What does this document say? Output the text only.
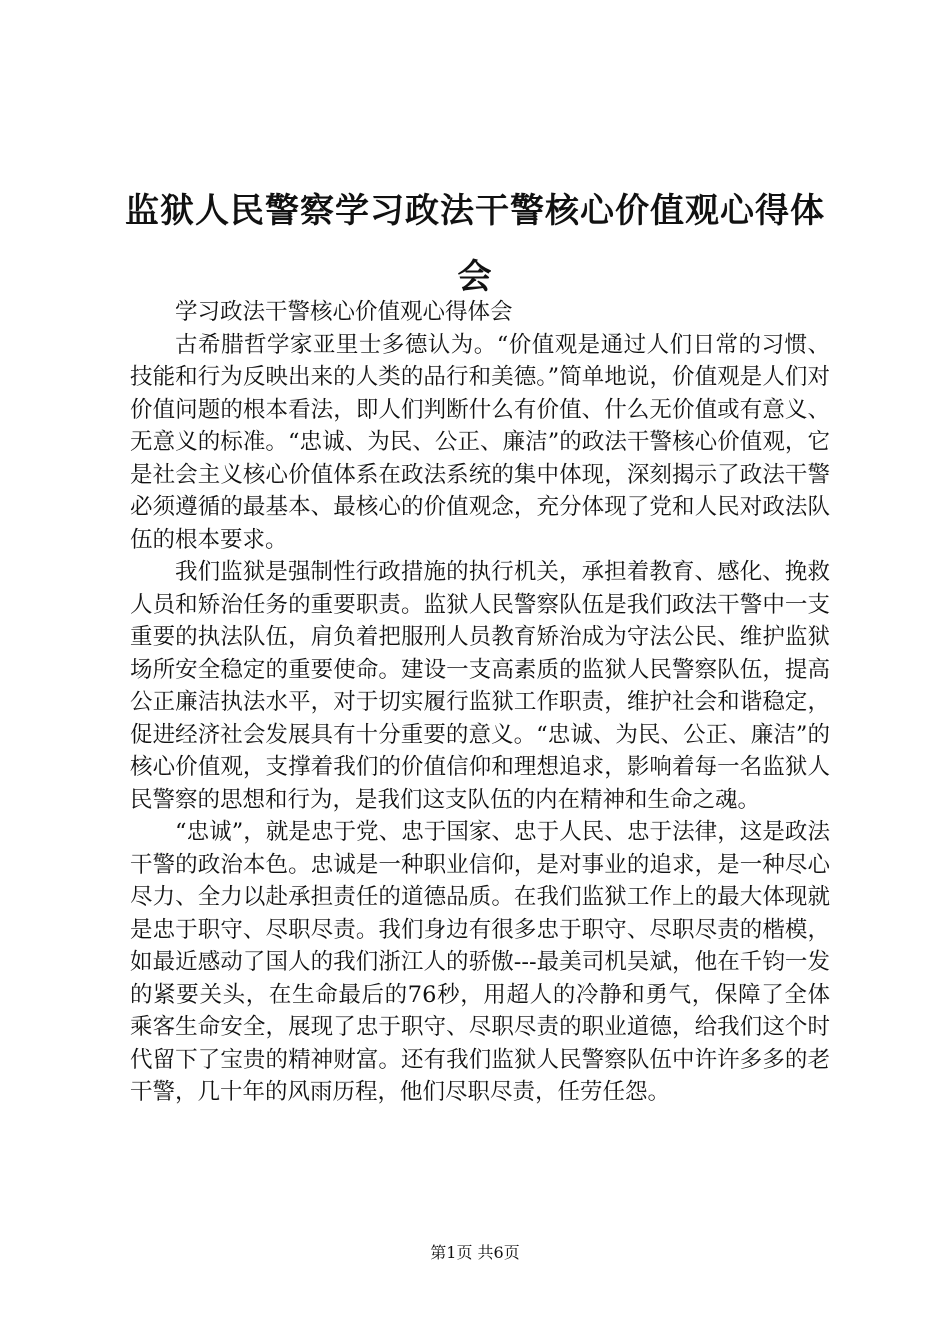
监狱人民警察学习政法干警核心价值观心得体会

学习政法干警核心价值观心得体会

古希腊哲学家亚里士多德认为。“价值观是通过人们日常的习惯、技能和行为反映出来的人类的品行和美德。”简单地说，价值观是人们对价值问题的根本看法，即人们判断什么有价值、什么无价值或有意义、无意义的标准。“忠诚、为民、公正、廉洁”的政法干警核心价值观，它是社会主义核心价值体系在政法系统的集中体现，深刻揭示了政法干警必须遵循的最基本、最核心的价值观念，充分体现了党和人民对政法队伍的根本要求。

我们监狱是强制性行政措施的执行机关，承担着教育、感化、挽救人员和矫治任务的重要职责。监狱人民警察队伍是我们政法干警中一支重要的执法队伍，肩负着把服刑人员教育矫治成为守法公民、维护监狱场所安全稳定的重要使命。建设一支高素质的监狱人民警察队伍，提高公正廉洁执法水平，对于切实履行监狱工作职责，维护社会和谐稳定，促进经济社会发展具有十分重要的意义。“忠诚、为民、公正、廉洁”的核心价值观，支撑着我们的价值信仰和理想追求，影响着每一名监狱人民警察的思想和行为，是我们这支队伍的内在精神和生命之魂。

“忠诚”，就是忠于党、忠于国家、忠于人民、忠于法律，这是政法干警的政治本色。忠诚是一种职业信仰，是对事业的追求，是一种尽心尽力、全力以赴承担责任的道德品质。在我们监狱工作上的最大体现就是忠于职守、尽职尽责。我们身边有很多忠于职守、尽职尽责的楷模，如最近感动了国人的我们浙江人的骄傲---最美司机吴斌，他在千钧一发的紧要关头，在生命最后的76秒，用超人的冷静和勇气，保障了全体乘客生命安全，展现了忠于职守、尽职尽责的职业道德，给我们这个时代留下了宝贵的精神财富。还有我们监狱人民警察队伍中许许多多的老干警，几十年的风雨历程，他们尽职尽责，任劳任怨。

第1页 共6页
